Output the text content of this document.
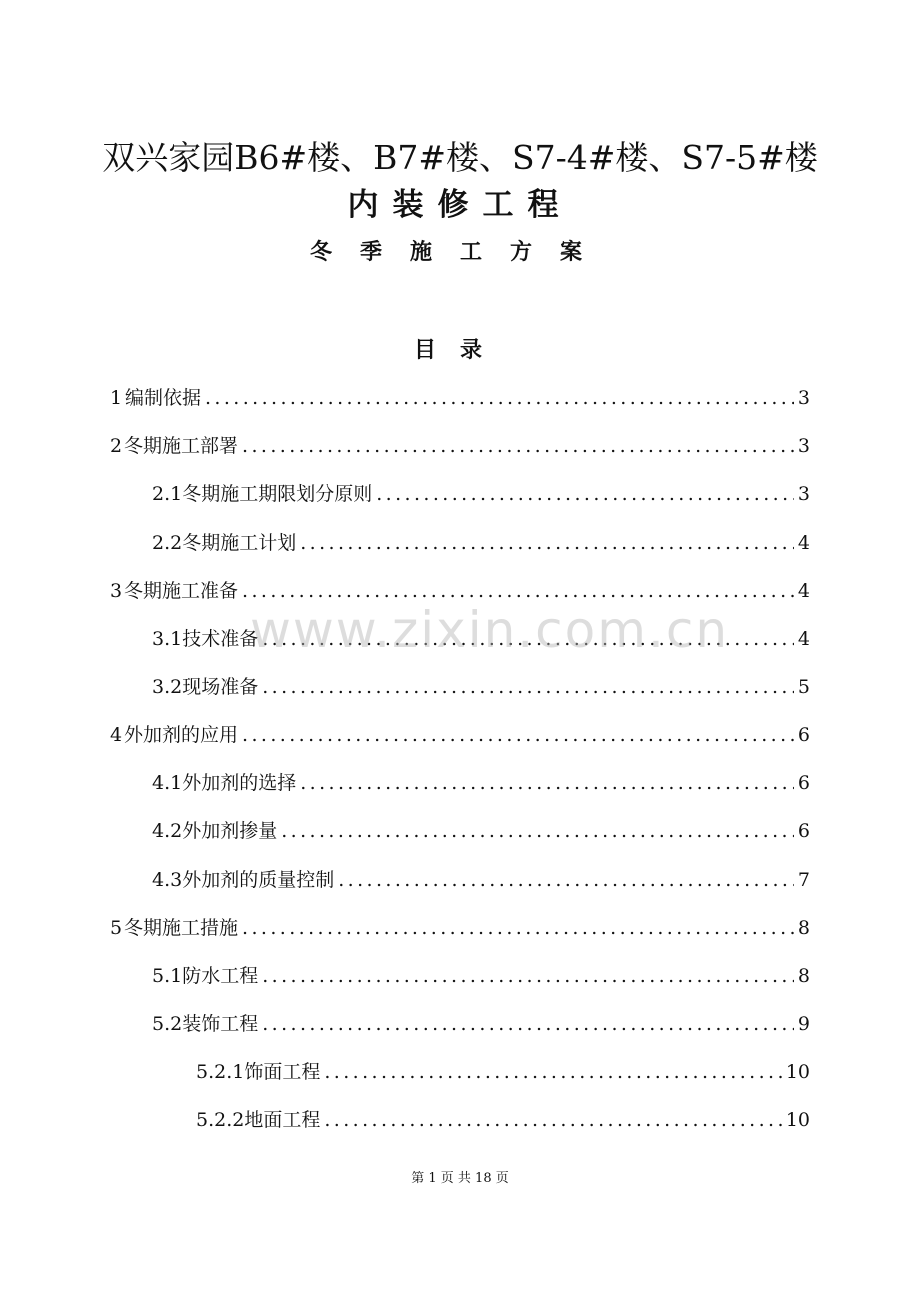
双兴家园B6#楼、B7#楼、S7-4#楼、S7-5#楼
内装修工程
冬季施工方案
目录
1 编制依据 .....	3
2 冬期施工部署 .....	3
2.1冬期施工期限划分原则 .....	3
2.2冬期施工计划 .....	4
3 冬期施工准备 .....	4
3.1技术准备 .....	4
3.2现场准备 .....	5
4 外加剂的应用 .....	6
4.1外加剂的选择 .....	6
4.2外加剂掺量 .....	6
4.3外加剂的质量控制 .....	7
5 冬期施工措施 .....	8
5.1防水工程 .....	8
5.2装饰工程 .....	9
5.2.1饰面工程 .....	10
5.2.2地面工程 .....	10
www.zixin.com.cn
第 1 页 共 18 页
